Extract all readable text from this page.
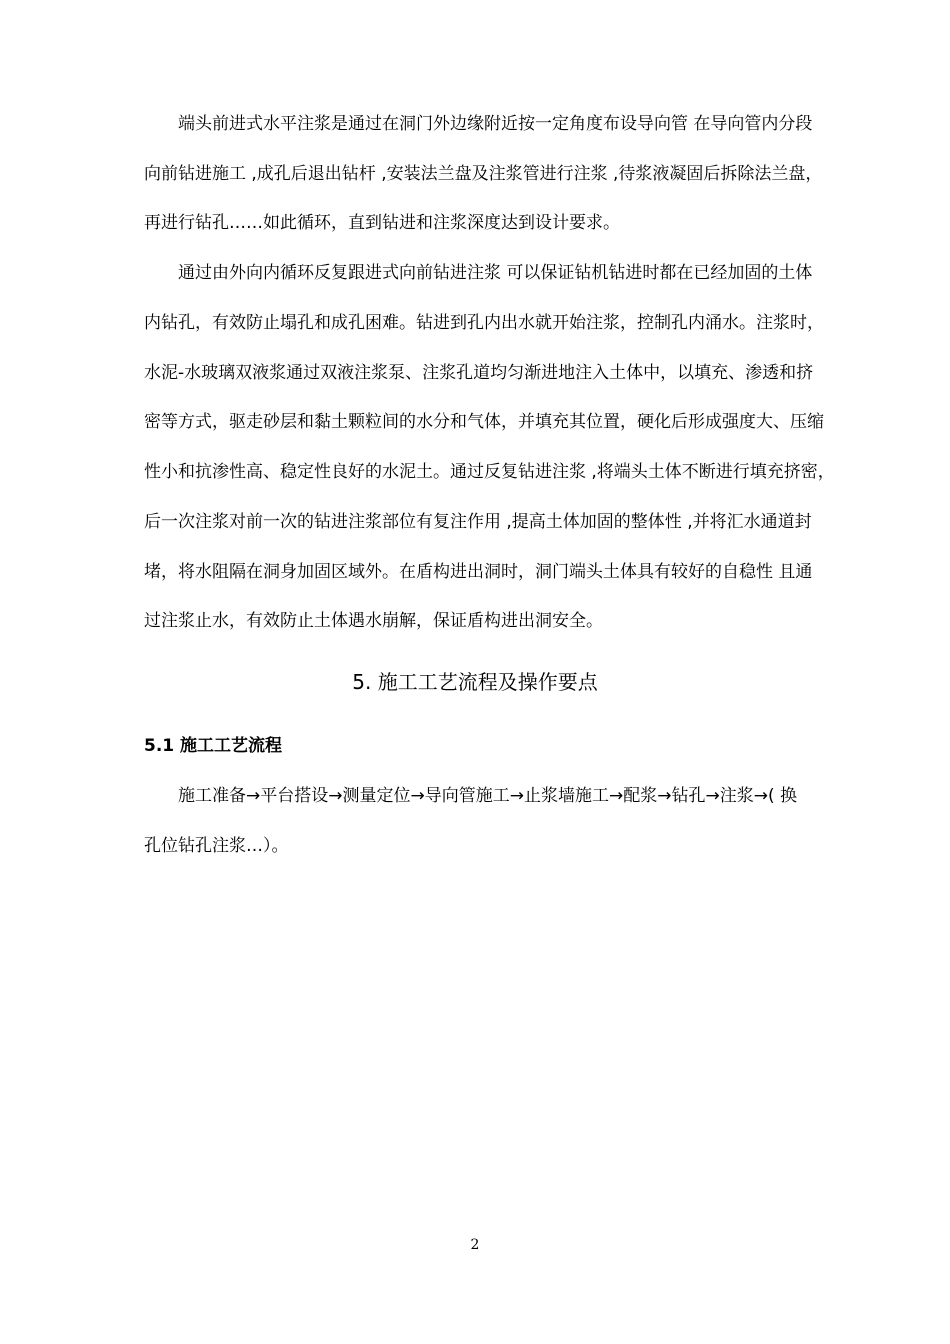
端头前进式水平注浆是通过在洞门外边缘附近按一定角度布设导向管 在导向管内分段
向前钻进施工 ,成孔后退出钻杆 ,安装法兰盘及注浆管进行注浆 ,待浆液凝固后拆除法兰盘，
再进行钻孔……如此循环，直到钻进和注浆深度达到设计要求。
通过由外向内循环反复跟进式向前钻进注浆 可以保证钻机钻进时都在已经加固的土体
内钻孔，有效防止塌孔和成孔困难。钻进到孔内出水就开始注浆，控制孔内涌水。注浆时，
水泥-水玻璃双液浆通过双液注浆泵、注浆孔道均匀渐进地注入土体中，以填充、渗透和挤
密等方式，驱走砂层和黏土颗粒间的水分和气体，并填充其位置，硬化后形成强度大、压缩
性小和抗渗性高、稳定性良好的水泥土。通过反复钻进注浆 ,将端头土体不断进行填充挤密，
后一次注浆对前一次的钻进注浆部位有复注作用 ,提高土体加固的整体性 ,并将汇水通道封
堵，将水阻隔在洞身加固区域外。在盾构进出洞时，洞门端头土体具有较好的自稳性 且通
过注浆止水，有效防止土体遇水崩解，保证盾构进出洞安全。
5. 施工工艺流程及操作要点
5.1 施工工艺流程
施工准备→平台搭设→测量定位→导向管施工→止浆墙施工→配浆→钻孔→注浆→( 换
孔位钻孔注浆…）。
2
